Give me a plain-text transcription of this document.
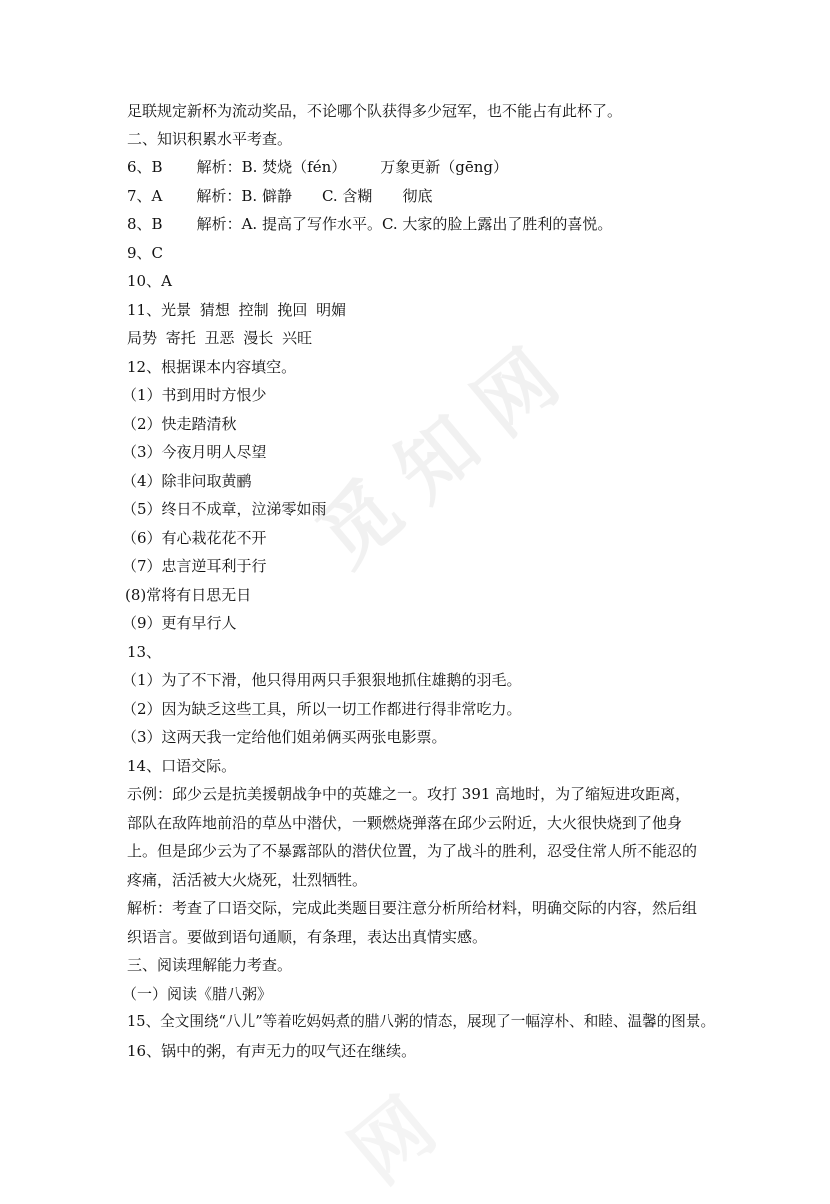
觅知网
足联规定新杯为流动奖品，不论哪个队获得多少冠军，也不能占有此杯了。
二、知识积累水平考查。
6、B 解析：B. 焚烧（fén） 万象更新（gēng）
7、A 解析：B. 僻静 C. 含糊 彻底
8、B 解析：A. 提高了写作水平。C. 大家的脸上露出了胜利的喜悦。
9、C
10、A
11、光景 猜想 控制 挽回 明媚
局势 寄托 丑恶 漫长 兴旺
12、根据课本内容填空。
（1）书到用时方恨少
（2）快走踏清秋
（3）今夜月明人尽望
（4）除非问取黄鹂
（5）终日不成章，泣涕零如雨
（6）有心栽花花不开
（7）忠言逆耳利于行
(8)常将有日思无日
（9）更有早行人
13、
（1）为了不下滑，他只得用两只手狠狠地抓住雄鹅的羽毛。
（2）因为缺乏这些工具，所以一切工作都进行得非常吃力。
（3）这两天我一定给他们姐弟俩买两张电影票。
14、口语交际。
示例：邱少云是抗美援朝战争中的英雄之一。攻打 391 高地时，为了缩短进攻距离，部队在敌阵地前沿的草丛中潜伏，一颗燃烧弹落在邱少云附近，大火很快烧到了他身上。但是邱少云为了不暴露部队的潜伏位置，为了战斗的胜利，忍受住常人所不能忍的疼痛，活活被大火烧死，壮烈牺牲。
解析：考查了口语交际，完成此类题目要注意分析所给材料，明确交际的内容，然后组织语言。要做到语句通顺，有条理，表达出真情实感。
三、阅读理解能力考查。
（一）阅读《腊八粥》
15、全文围绕“八儿”等着吃妈妈煮的腊八粥的情态，展现了一幅淳朴、和睦、温馨的图景。
16、锅中的粥，有声无力的叹气还在继续。
